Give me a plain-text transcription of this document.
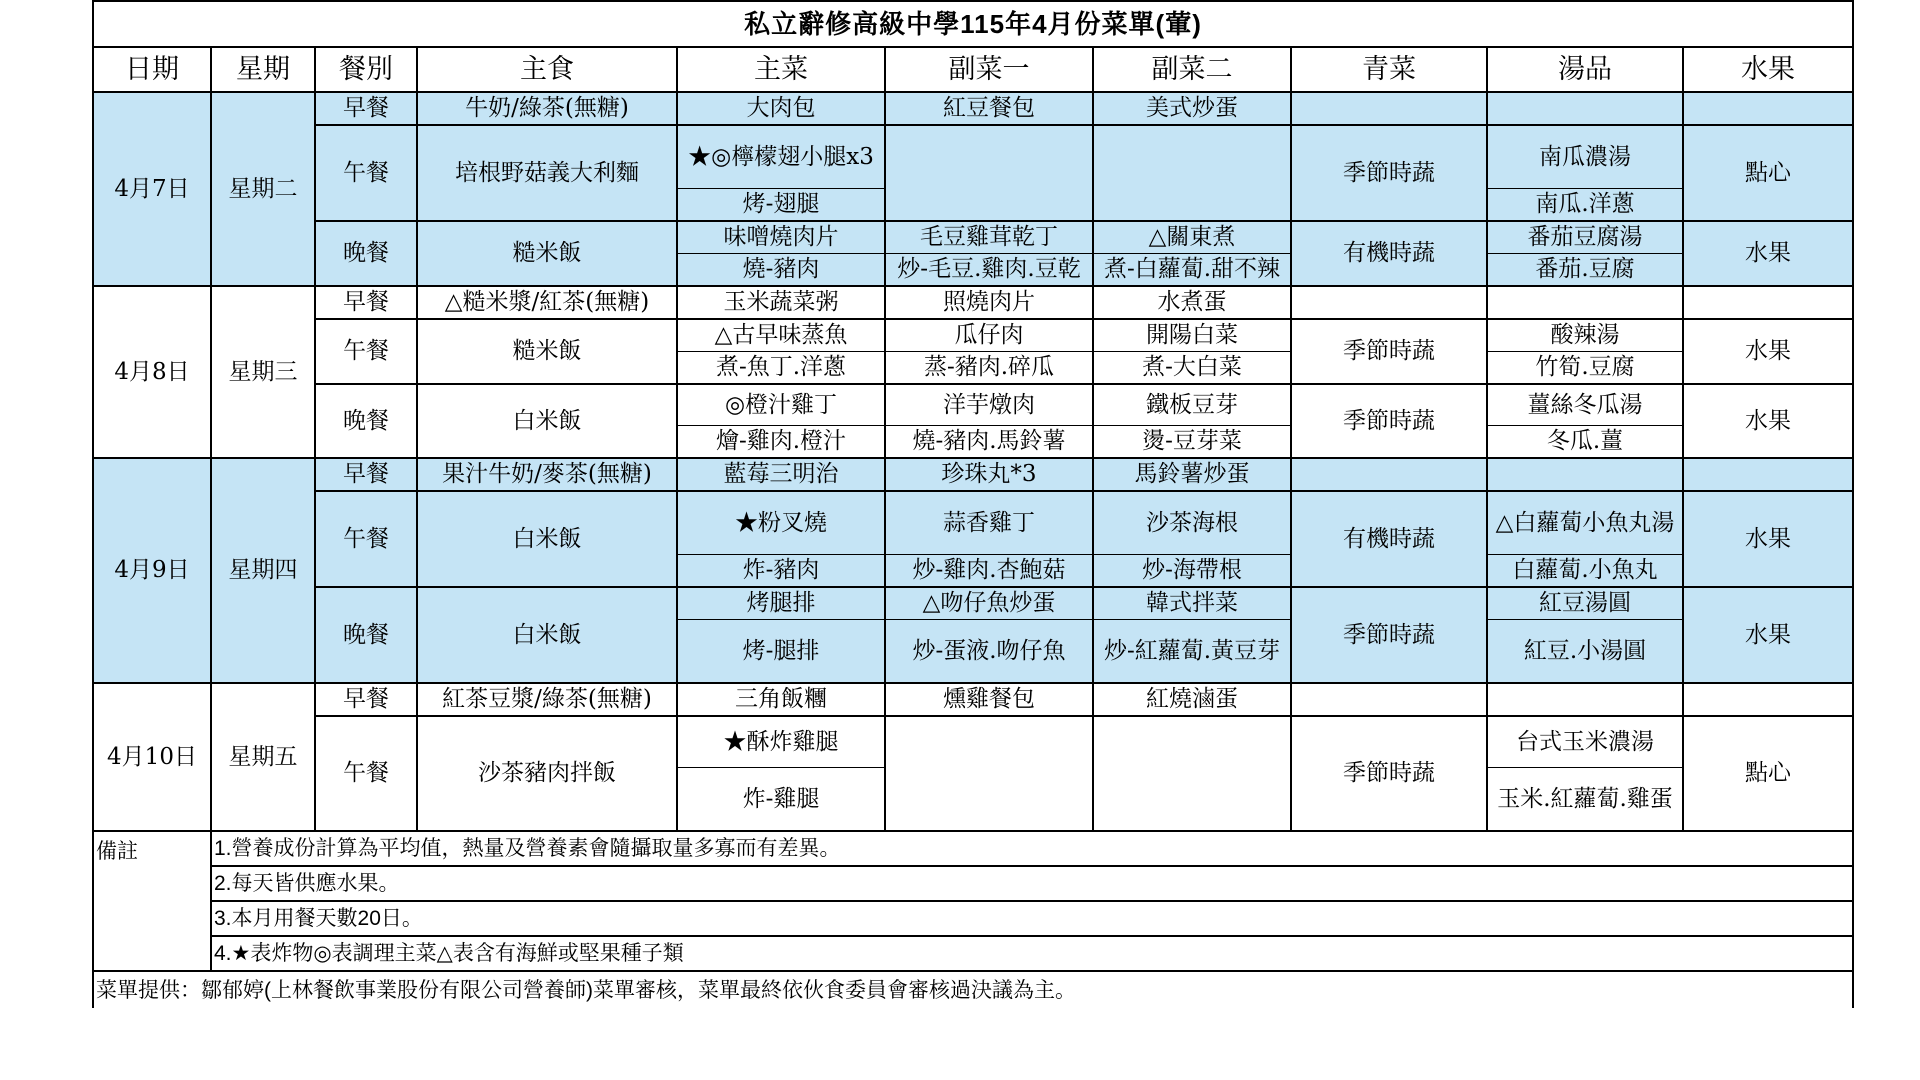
私立辭修高級中學115年4月份菜單(葷)									
日期	星期	餐別	主食	主菜	副菜一	副菜二	青菜	湯品	水果
4月7日	星期二	早餐	牛奶/綠茶(無糖)	大肉包	紅豆餐包	美式炒蛋			
		午餐	培根野菇義大利麵	★◎檸檬翅小腿x3			季節時蔬	南瓜濃湯	點心

				烤-翅腿				南瓜.洋蔥	
		晚餐	糙米飯	味噌燒肉片	毛豆雞茸乾丁	△關東煮	有機時蔬	番茄豆腐湯	水果
				燒-豬肉	炒-毛豆.雞肉.豆乾	煮-白蘿蔔.甜不辣		番茄.豆腐	

4月8日	星期三	早餐	△糙米漿/紅茶(無糖)	玉米蔬菜粥	照燒肉片	水煮蛋			
		午餐	糙米飯	△古早味蒸魚	瓜仔肉	開陽白菜	季節時蔬	酸辣湯	水果
				煮-魚丁.洋蔥	蒸-豬肉.碎瓜	煮-大白菜		竹筍.豆腐	
		晚餐	白米飯	◎橙汁雞丁	洋芋燉肉	鐵板豆芽	季節時蔬	薑絲冬瓜湯	水果
				燴-雞肉.橙汁	燒-豬肉.馬鈴薯	燙-豆芽菜		冬瓜.薑	
4月9日	星期四	早餐	果汁牛奶/麥茶(無糖)	藍莓三明治	珍珠丸*3	馬鈴薯炒蛋			
		午餐	白米飯	★粉叉燒	蒜香雞丁	沙茶海根	有機時蔬	△白蘿蔔小魚丸湯	水果
				炸-豬肉	炒-雞肉.杏鮑菇	炒-海帶根		白蘿蔔.小魚丸	
		晚餐	白米飯	烤腿排	△吻仔魚炒蛋	韓式拌菜	季節時蔬	紅豆湯圓	水果
				烤-腿排	炒-蛋液.吻仔魚	炒-紅蘿蔔.黃豆芽		紅豆.小湯圓	
4月10日	星期五	早餐	紅茶豆漿/綠茶(無糖)	三角飯糰	燻雞餐包	紅燒滷蛋			
		午餐	沙茶豬肉拌飯	★酥炸雞腿			季節時蔬	台式玉米濃湯	點心
				炸-雞腿				玉米.紅蘿蔔.雞蛋	

備註	1.營養成份計算為平均值，熱量及營養素會隨攝取量多寡而有差異。								
	2.每天皆供應水果。								
	3.本月用餐天數20日。								
	4.★表炸物◎表調理主菜△表含有海鮮或堅果種子類								
菜單提供：鄒郁婷(上林餐飲事業股份有限公司營養師)菜單審核，菜單最終依伙食委員會審核過決議為主。									
